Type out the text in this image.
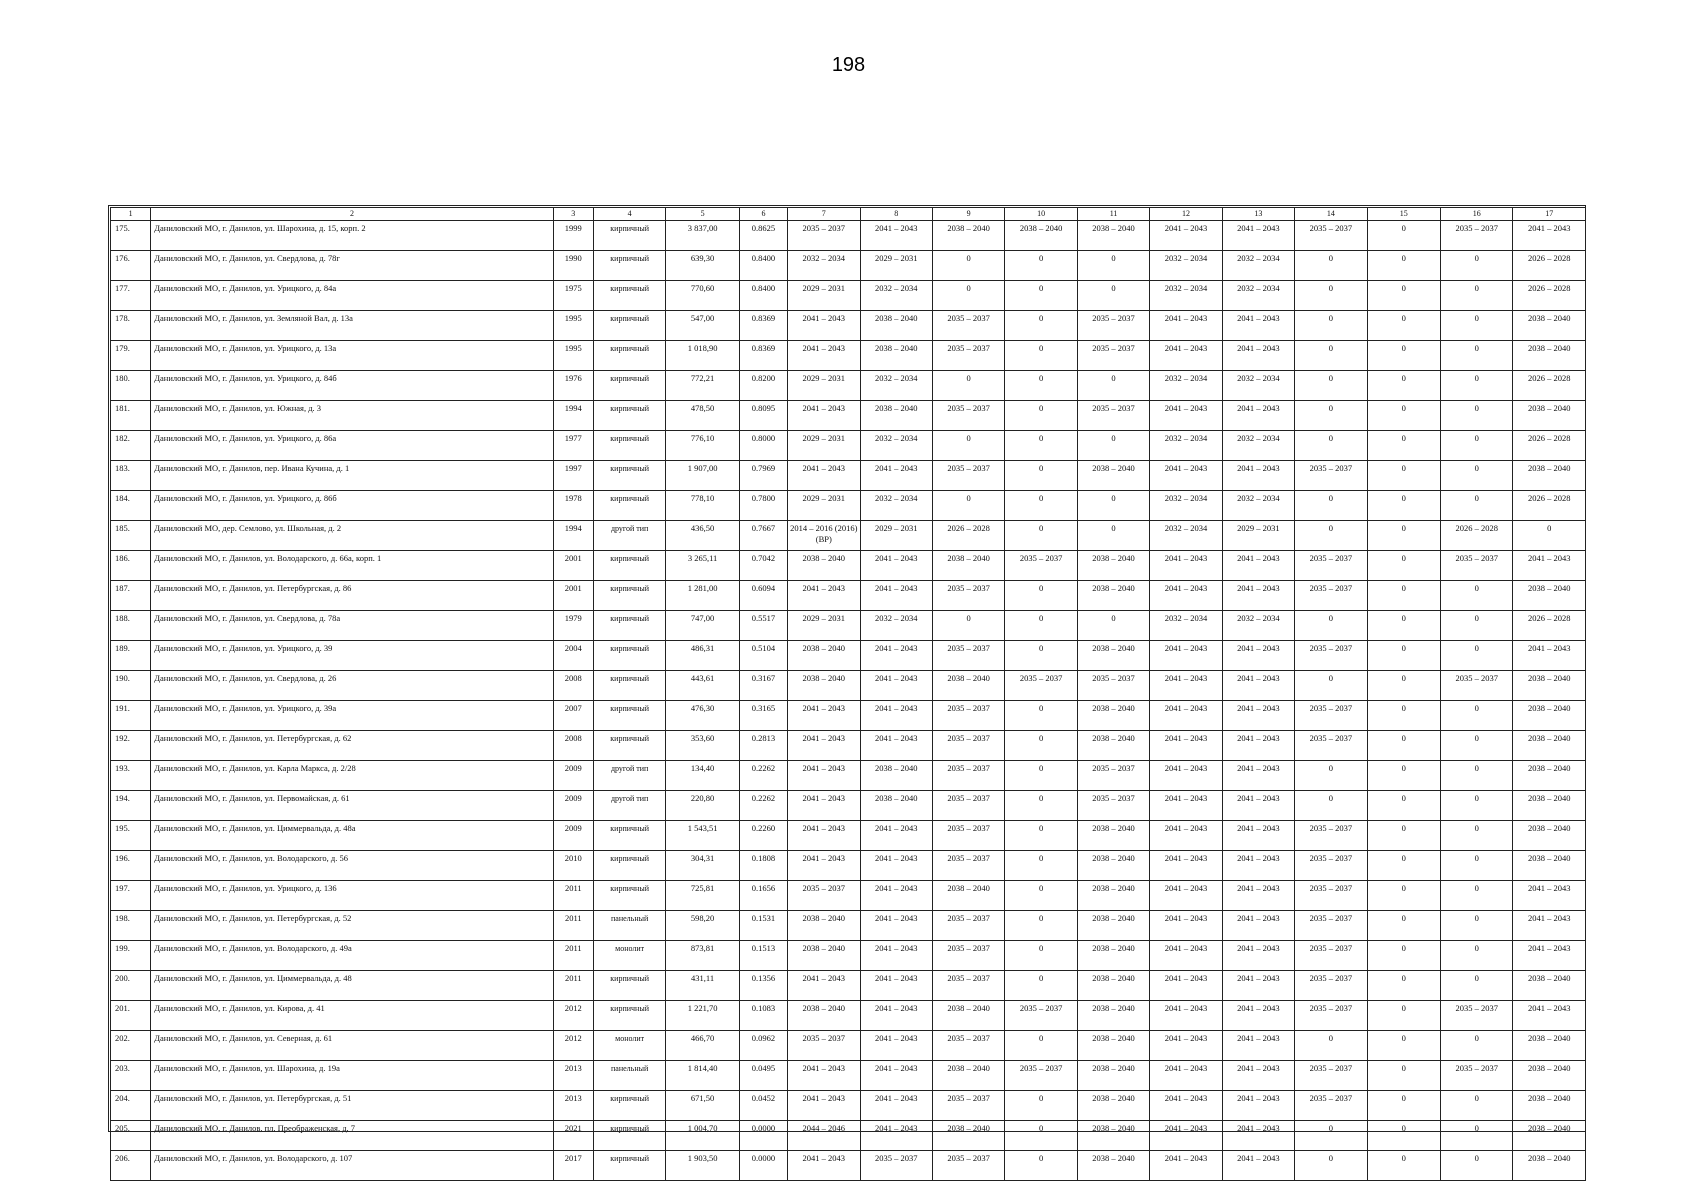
198
1	2	3	4	5	6	7	8	9	10	11	12	13	14	15	16	17
175.	Даниловский МО, г. Данилов, ул. Шарохина, д. 15, корп. 2	1999	кирпичный	3 837,00	0.8625	2035 – 2037	2041 – 2043	2038 – 2040	2038 – 2040	2038 – 2040	2041 – 2043	2041 – 2043	2035 – 2037	0	2035 – 2037	2041 – 2043
176.	Даниловский МО, г. Данилов, ул. Свердлова, д. 78г	1990	кирпичный	639,30	0.8400	2032 – 2034	2029 – 2031	0	0	0	2032 – 2034	2032 – 2034	0	0	0	2026 – 2028
177.	Даниловский МО, г. Данилов, ул. Урицкого, д. 84а	1975	кирпичный	770,60	0.8400	2029 – 2031	2032 – 2034	0	0	0	2032 – 2034	2032 – 2034	0	0	0	2026 – 2028
178.	Даниловский МО, г. Данилов, ул. Земляной Вал, д. 13а	1995	кирпичный	547,00	0.8369	2041 – 2043	2038 – 2040	2035 – 2037	0	2035 – 2037	2041 – 2043	2041 – 2043	0	0	0	2038 – 2040
179.	Даниловский МО, г. Данилов, ул. Урицкого, д. 13а	1995	кирпичный	1 018,90	0.8369	2041 – 2043	2038 – 2040	2035 – 2037	0	2035 – 2037	2041 – 2043	2041 – 2043	0	0	0	2038 – 2040
180.	Даниловский МО, г. Данилов, ул. Урицкого, д. 84б	1976	кирпичный	772,21	0.8200	2029 – 2031	2032 – 2034	0	0	0	2032 – 2034	2032 – 2034	0	0	0	2026 – 2028
181.	Даниловский МО, г. Данилов, ул. Южная, д. 3	1994	кирпичный	478,50	0.8095	2041 – 2043	2038 – 2040	2035 – 2037	0	2035 – 2037	2041 – 2043	2041 – 2043	0	0	0	2038 – 2040
182.	Даниловский МО, г. Данилов, ул. Урицкого, д. 86а	1977	кирпичный	776,10	0.8000	2029 – 2031	2032 – 2034	0	0	0	2032 – 2034	2032 – 2034	0	0	0	2026 – 2028
183.	Даниловский МО, г. Данилов, пер. Ивана Кучина, д. 1	1997	кирпичный	1 907,00	0.7969	2041 – 2043	2041 – 2043	2035 – 2037	0	2038 – 2040	2041 – 2043	2041 – 2043	2035 – 2037	0	0	2038 – 2040
184.	Даниловский МО, г. Данилов, ул. Урицкого, д. 86б	1978	кирпичный	778,10	0.7800	2029 – 2031	2032 – 2034	0	0	0	2032 – 2034	2032 – 2034	0	0	0	2026 – 2028
185.	Даниловский МО, дер. Семлово, ул. Школьная, д. 2	1994	другой тип	436,50	0.7667	2014 – 2016 (2016) (ВР)	2029 – 2031	2026 – 2028	0	0	2032 – 2034	2029 – 2031	0	0	2026 – 2028	0
186.	Даниловский МО, г. Данилов, ул. Володарского, д. 66а, корп. 1	2001	кирпичный	3 265,11	0.7042	2038 – 2040	2041 – 2043	2038 – 2040	2035 – 2037	2038 – 2040	2041 – 2043	2041 – 2043	2035 – 2037	0	2035 – 2037	2041 – 2043
187.	Даниловский МО, г. Данилов, ул. Петербургская, д. 86	2001	кирпичный	1 281,00	0.6094	2041 – 2043	2041 – 2043	2035 – 2037	0	2038 – 2040	2041 – 2043	2041 – 2043	2035 – 2037	0	0	2038 – 2040
188.	Даниловский МО, г. Данилов, ул. Свердлова, д. 78а	1979	кирпичный	747,00	0.5517	2029 – 2031	2032 – 2034	0	0	0	2032 – 2034	2032 – 2034	0	0	0	2026 – 2028
189.	Даниловский МО, г. Данилов, ул. Урицкого, д. 39	2004	кирпичный	486,31	0.5104	2038 – 2040	2041 – 2043	2035 – 2037	0	2038 – 2040	2041 – 2043	2041 – 2043	2035 – 2037	0	0	2041 – 2043
190.	Даниловский МО, г. Данилов, ул. Свердлова, д. 26	2008	кирпичный	443,61	0.3167	2038 – 2040	2041 – 2043	2038 – 2040	2035 – 2037	2035 – 2037	2041 – 2043	2041 – 2043	0	0	2035 – 2037	2038 – 2040
191.	Даниловский МО, г. Данилов, ул. Урицкого, д. 39а	2007	кирпичный	476,30	0.3165	2041 – 2043	2041 – 2043	2035 – 2037	0	2038 – 2040	2041 – 2043	2041 – 2043	2035 – 2037	0	0	2038 – 2040
192.	Даниловский МО, г. Данилов, ул. Петербургская, д. 62	2008	кирпичный	353,60	0.2813	2041 – 2043	2041 – 2043	2035 – 2037	0	2038 – 2040	2041 – 2043	2041 – 2043	2035 – 2037	0	0	2038 – 2040
193.	Даниловский МО, г. Данилов, ул. Карла Маркса, д. 2/28	2009	другой тип	134,40	0.2262	2041 – 2043	2038 – 2040	2035 – 2037	0	2035 – 2037	2041 – 2043	2041 – 2043	0	0	0	2038 – 2040
194.	Даниловский МО, г. Данилов, ул. Первомайская, д. 61	2009	другой тип	220,80	0.2262	2041 – 2043	2038 – 2040	2035 – 2037	0	2035 – 2037	2041 – 2043	2041 – 2043	0	0	0	2038 – 2040
195.	Даниловский МО, г. Данилов, ул. Циммервальда, д. 48а	2009	кирпичный	1 543,51	0.2260	2041 – 2043	2041 – 2043	2035 – 2037	0	2038 – 2040	2041 – 2043	2041 – 2043	2035 – 2037	0	0	2038 – 2040
196.	Даниловский МО, г. Данилов, ул. Володарского, д. 56	2010	кирпичный	304,31	0.1808	2041 – 2043	2041 – 2043	2035 – 2037	0	2038 – 2040	2041 – 2043	2041 – 2043	2035 – 2037	0	0	2038 – 2040
197.	Даниловский МО, г. Данилов, ул. Урицкого, д. 136	2011	кирпичный	725,81	0.1656	2035 – 2037	2041 – 2043	2038 – 2040	0	2038 – 2040	2041 – 2043	2041 – 2043	2035 – 2037	0	0	2041 – 2043
198.	Даниловский МО, г. Данилов, ул. Петербургская, д. 52	2011	панельный	598,20	0.1531	2038 – 2040	2041 – 2043	2035 – 2037	0	2038 – 2040	2041 – 2043	2041 – 2043	2035 – 2037	0	0	2041 – 2043
199.	Даниловский МО, г. Данилов, ул. Володарского, д. 49а	2011	монолит	873,81	0.1513	2038 – 2040	2041 – 2043	2035 – 2037	0	2038 – 2040	2041 – 2043	2041 – 2043	2035 – 2037	0	0	2041 – 2043
200.	Даниловский МО, г. Данилов, ул. Циммервальда, д. 48	2011	кирпичный	431,11	0.1356	2041 – 2043	2041 – 2043	2035 – 2037	0	2038 – 2040	2041 – 2043	2041 – 2043	2035 – 2037	0	0	2038 – 2040
201.	Даниловский МО, г. Данилов, ул. Кирова, д. 41	2012	кирпичный	1 221,70	0.1083	2038 – 2040	2041 – 2043	2038 – 2040	2035 – 2037	2038 – 2040	2041 – 2043	2041 – 2043	2035 – 2037	0	2035 – 2037	2041 – 2043
202.	Даниловский МО, г. Данилов, ул. Северная, д. 61	2012	монолит	466,70	0.0962	2035 – 2037	2041 – 2043	2035 – 2037	0	2038 – 2040	2041 – 2043	2041 – 2043	0	0	0	2038 – 2040
203.	Даниловский МО, г. Данилов, ул. Шарохина, д. 19а	2013	панельный	1 814,40	0.0495	2041 – 2043	2041 – 2043	2038 – 2040	2035 – 2037	2038 – 2040	2041 – 2043	2041 – 2043	2035 – 2037	0	2035 – 2037	2038 – 2040
204.	Даниловский МО, г. Данилов, ул. Петербургская, д. 51	2013	кирпичный	671,50	0.0452	2041 – 2043	2041 – 2043	2035 – 2037	0	2038 – 2040	2041 – 2043	2041 – 2043	2035 – 2037	0	0	2038 – 2040
205.	Даниловский МО, г. Данилов, пл. Преображенская, д. 7	2021	кирпичный	1 004,70	0.0000	2044 – 2046	2041 – 2043	2038 – 2040	0	2038 – 2040	2041 – 2043	2041 – 2043	0	0	0	2038 – 2040
206.	Даниловский МО, г. Данилов, ул. Володарского, д. 107	2017	кирпичный	1 903,50	0.0000	2041 – 2043	2035 – 2037	2035 – 2037	0	2038 – 2040	2041 – 2043	2041 – 2043	0	0	0	2038 – 2040
